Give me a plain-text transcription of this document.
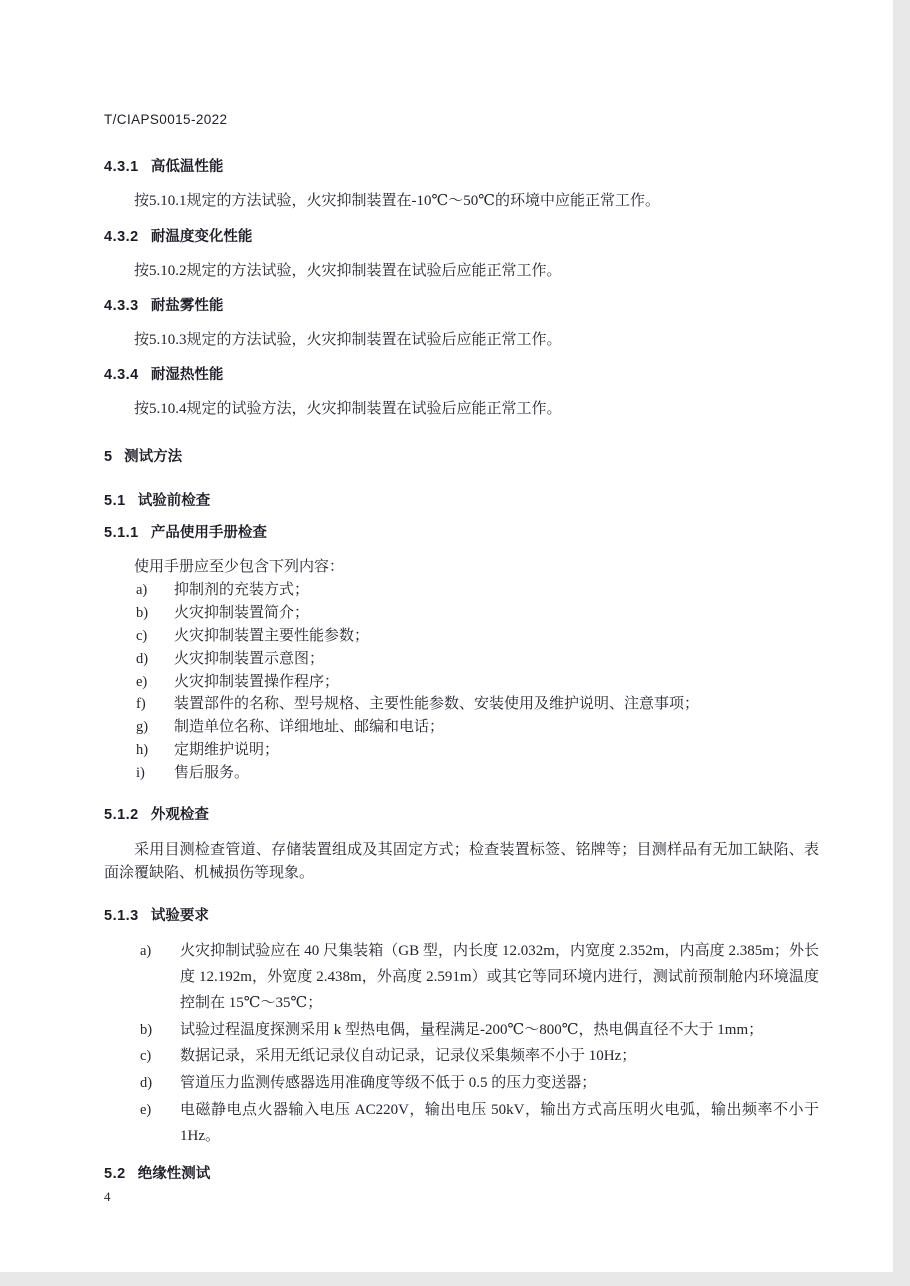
T/CIAPS0015-2022
4.3.1 高低温性能

按5.10.1规定的方法试验，火灾抑制装置在-10℃～50℃的环境中应能正常工作。

4.3.2 耐温度变化性能

按5.10.2规定的方法试验，火灾抑制装置在试验后应能正常工作。

4.3.3 耐盐雾性能

按5.10.3规定的方法试验，火灾抑制装置在试验后应能正常工作。

4.3.4 耐湿热性能

按5.10.4规定的试验方法，火灾抑制装置在试验后应能正常工作。

5 测试方法
5.1 试验前检查
5.1.1 产品使用手册检查

使用手册应至少包含下列内容：

a)	抑制剂的充装方式；
b)	火灾抑制装置简介；
c)	火灾抑制装置主要性能参数；
d)	火灾抑制装置示意图；
e)	火灾抑制装置操作程序；
f)	装置部件的名称、型号规格、主要性能参数、安装使用及维护说明、注意事项；
g)	制造单位名称、详细地址、邮编和电话；
h)	定期维护说明；
i)	售后服务。
5.1.2 外观检查

采用目测检查管道、存储装置组成及其固定方式；检查装置标签、铭牌等；目测样品有无加工缺陷、表面涂覆缺陷、机械损伤等现象。

5.1.3 试验要求
a)	火灾抑制试验应在 40 尺集装箱（GB 型，内长度 12.032m，内宽度 2.352m，内高度 2.385m；外长度 12.192m，外宽度 2.438m，外高度 2.591m）或其它等同环境内进行，测试前预制舱内环境温度控制在 15℃～35℃；
b)	试验过程温度探测采用 k 型热电偶，量程满足-200℃～800℃，热电偶直径不大于 1mm；
c)	数据记录，采用无纸记录仪自动记录，记录仪采集频率不小于 10Hz；
d)	管道压力监测传感器选用准确度等级不低于 0.5 的压力变送器；
e)	电磁静电点火器输入电压 AC220V，输出电压 50kV，输出方式高压明火电弧，输出频率不小于 1Hz。
5.2 绝缘性测试
4
